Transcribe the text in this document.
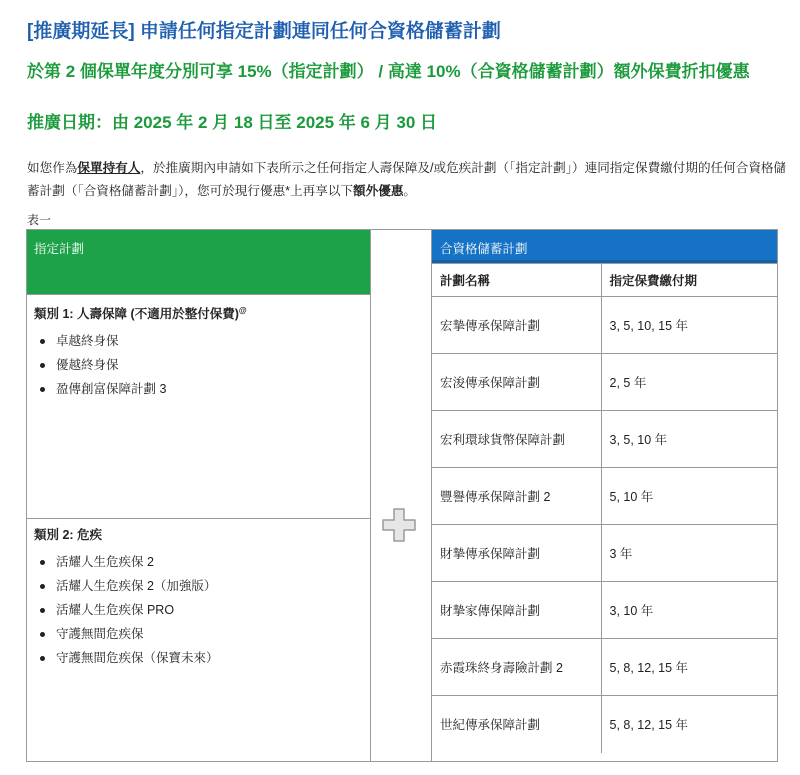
[推廣期延長] 申請任何指定計劃連同任何合資格儲蓄計劃
於第 2 個保單年度分別可享 15%（指定計劃） / 高達 10%（合資格儲蓄計劃）額外保費折扣優惠
推廣日期：由 2025 年 2 月 18 日至 2025 年 6 月 30 日
如您作為保單持有人，於推廣期內申請如下表所示之任何指定人壽保障及/或危疾計劃（「指定計劃」）連同指定保費繳付期的任何合資格儲蓄計劃（「合資格儲蓄計劃」），您可於現行優惠*上再享以下額外優惠。
表一
指定計劃
類別 1: 人壽保障 (不適用於整付保費)@
卓越終身保
優越終身保
盈傳創富保障計劃 3
類別 2: 危疾
活耀人生危疾保 2
活耀人生危疾保 2（加強版）
活耀人生危疾保 PRO
守護無間危疾保
守護無間危疾保（保寶未來）
合資格儲蓄計劃
計劃名稱	指定保費繳付期
宏摯傳承保障計劃	3, 5, 10, 15 年
宏浚傳承保障計劃	2, 5 年
宏利環球貨幣保障計劃	3, 5, 10 年
豐譽傳承保障計劃 2	5, 10 年
財摯傳承保障計劃	3 年
財摯家傳保障計劃	3, 10 年
赤霞珠終身壽險計劃 2	5, 8, 12, 15 年
世紀傳承保障計劃	5, 8, 12, 15 年
